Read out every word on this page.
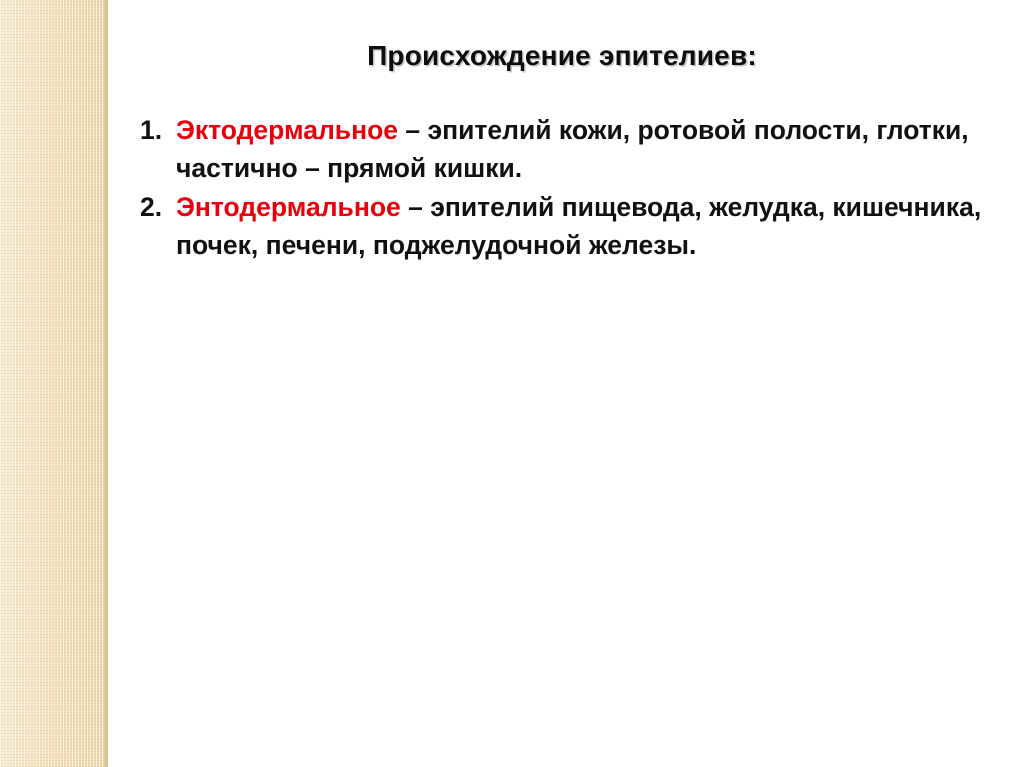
Происхождение эпителиев:
1. Эктодермальное – эпителий кожи, ротовой полости, глотки, частично – прямой кишки.
2. Энтодермальное – эпителий пищевода, желудка, кишечника, почек, печени, поджелудочной железы.
